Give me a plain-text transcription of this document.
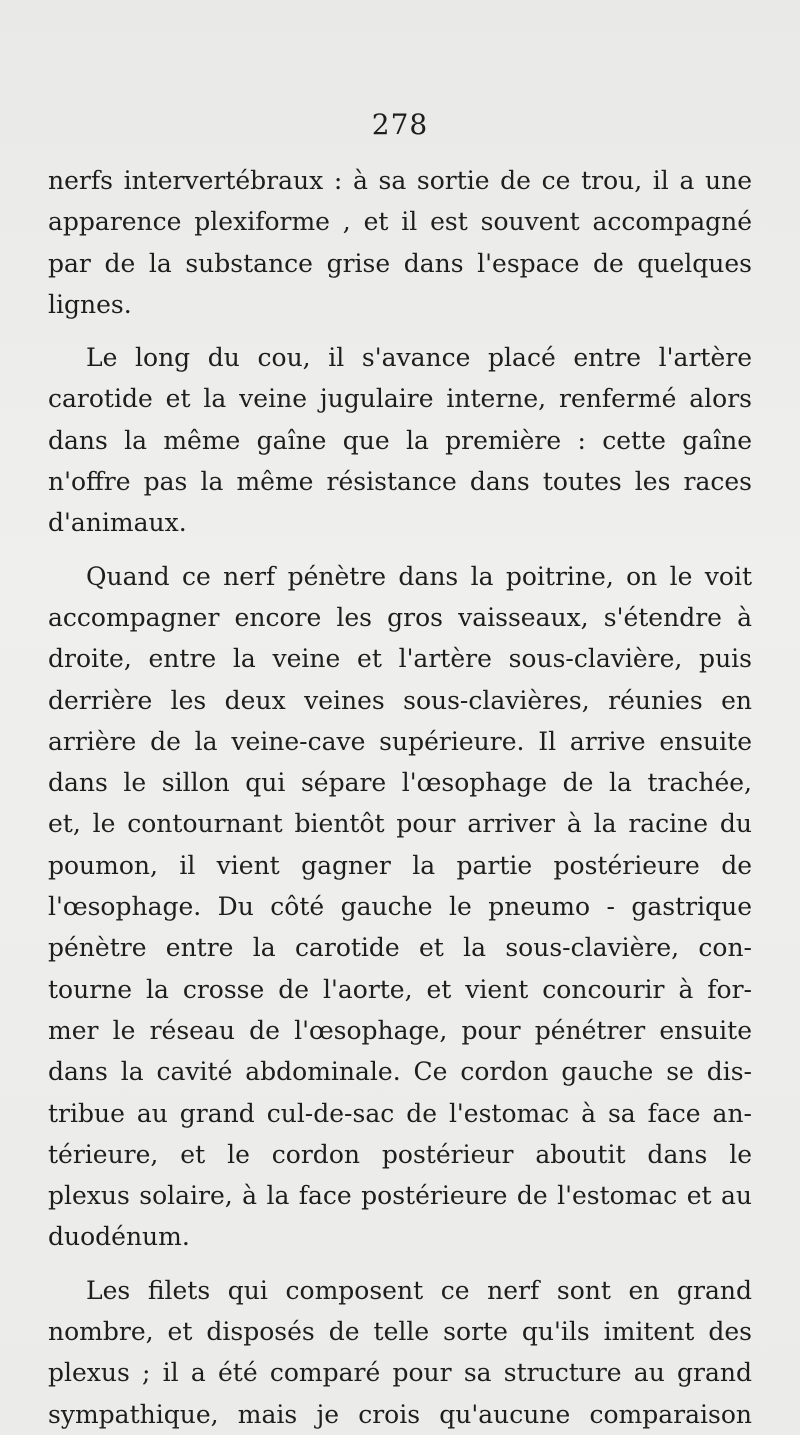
278
nerfs intervertébraux : à sa sortie de ce trou, il a une
apparence plexiforme , et il est souvent accompagné
par de la substance grise dans l'espace de quelques
lignes.
Le long du cou, il s'avance placé entre l'artère
carotide et la veine jugulaire interne, renfermé alors
dans la même gaîne que la première : cette gaîne
n'offre pas la même résistance dans toutes les races
d'animaux.
Quand ce nerf pénètre dans la poitrine, on le voit
accompagner encore les gros vaisseaux, s'étendre à
droite, entre la veine et l'artère sous-clavière, puis
derrière les deux veines sous-clavières, réunies en
arrière de la veine-cave supérieure. Il arrive ensuite
dans le sillon qui sépare l'œsophage de la trachée,
et, le contournant bientôt pour arriver à la racine du
poumon, il vient gagner la partie postérieure de
l'œsophage. Du côté gauche le pneumo - gastrique
pénètre entre la carotide et la sous-clavière, con-
tourne la crosse de l'aorte, et vient concourir à for-
mer le réseau de l'œsophage, pour pénétrer ensuite
dans la cavité abdominale. Ce cordon gauche se dis-
tribue au grand cul-de-sac de l'estomac à sa face an-
térieure, et le cordon postérieur aboutit dans le
plexus solaire, à la face postérieure de l'estomac et au
duodénum.
Les filets qui composent ce nerf sont en grand
nombre, et disposés de telle sorte qu'ils imitent des
plexus ; il a été comparé pour sa structure au grand
sympathique, mais je crois qu'aucune comparaison
